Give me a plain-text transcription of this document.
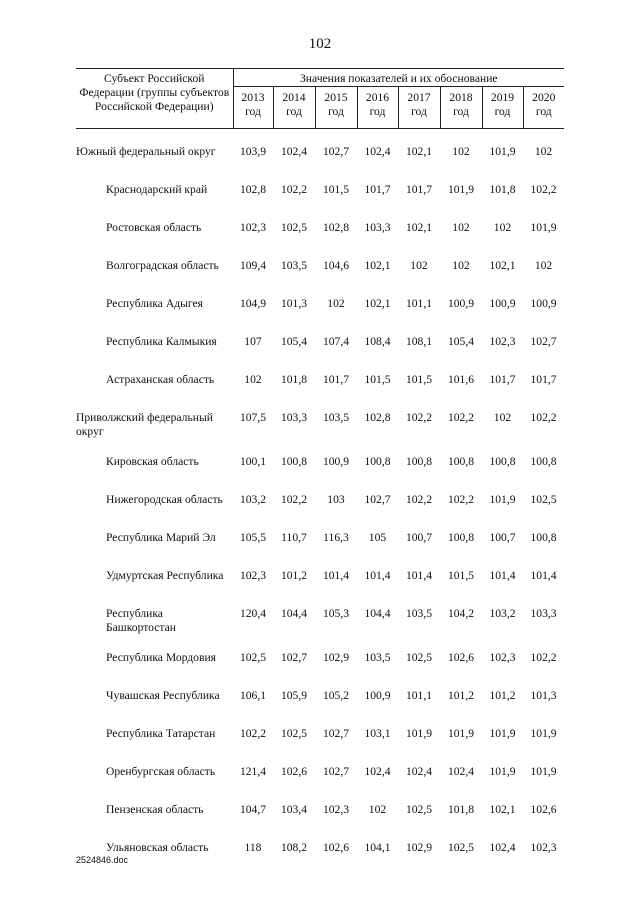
102
Субъект Российской Федерации (группы субъектов Российской Федерации)	Значения показателей и их обоснование							
	2013 год	2014 год	2015 год	2016 год	2017 год	2018 год	2019 год	2020 год

Южный федеральный округ	103,9	102,4	102,7	102,4	102,1	102	101,9	102

Краснодарский край	102,8	102,2	101,5	101,7	101,7	101,9	101,8	102,2

Ростовская область	102,3	102,5	102,8	103,3	102,1	102	102	101,9

Волгоградская область	109,4	103,5	104,6	102,1	102	102	102,1	102

Республика Адыгея	104,9	101,3	102	102,1	101,1	100,9	100,9	100,9

Республика Калмыкия	107	105,4	107,4	108,4	108,1	105,4	102,3	102,7

Астраханская область	102	101,8	101,7	101,5	101,5	101,6	101,7	101,7

Приволжский федеральный округ	107,5	103,3	103,5	102,8	102,2	102,2	102	102,2

Кировская область	100,1	100,8	100,9	100,8	100,8	100,8	100,8	100,8

Нижегородская область	103,2	102,2	103	102,7	102,2	102,2	101,9	102,5

Республика Марий Эл	105,5	110,7	116,3	105	100,7	100,8	100,7	100,8

Удмуртская Республика	102,3	101,2	101,4	101,4	101,4	101,5	101,4	101,4

Республика Башкортостан	120,4	104,4	105,3	104,4	103,5	104,2	103,2	103,3

Республика Мордовия	102,5	102,7	102,9	103,5	102,5	102,6	102,3	102,2

Чувашская Республика	106,1	105,9	105,2	100,9	101,1	101,2	101,2	101,3

Республика Татарстан	102,2	102,5	102,7	103,1	101,9	101,9	101,9	101,9

Оренбургская область	121,4	102,6	102,7	102,4	102,4	102,4	101,9	101,9

Пензенская область	104,7	103,4	102,3	102	102,5	101,8	102,1	102,6

Ульяновская область	118	108,2	102,6	104,1	102,9	102,5	102,4	102,3

2524846.doc
